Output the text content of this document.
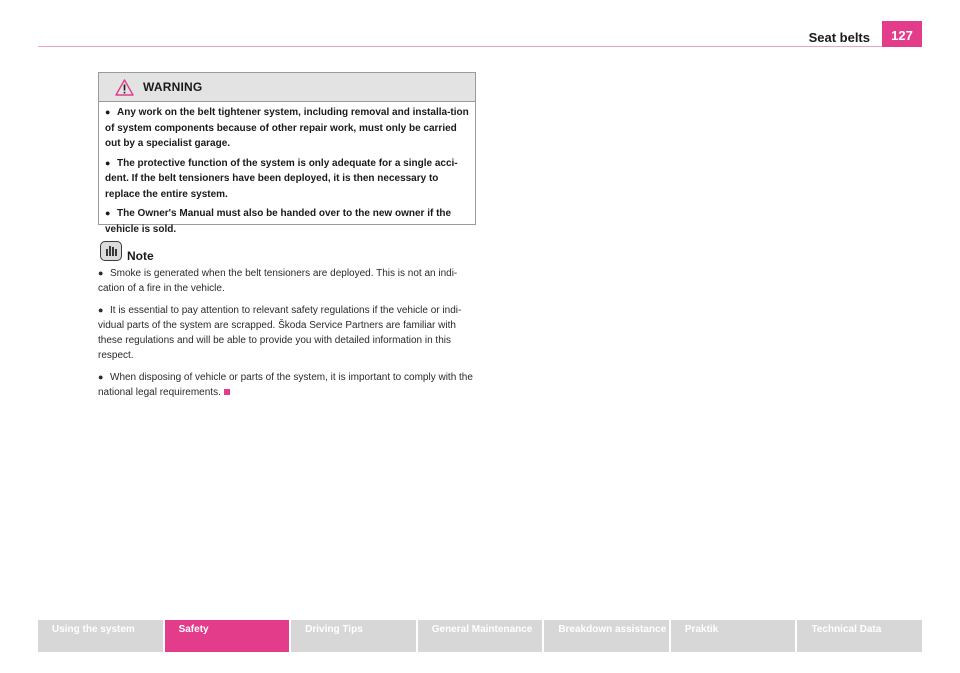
Seat belts	127
WARNING

● Any work on the belt tightener system, including removal and installa-tion of system components because of other repair work, must only be carried out by a specialist garage.

● The protective function of the system is only adequate for a single acci-dent. If the belt tensioners have been deployed, it is then necessary to replace the entire system.

● The Owner's Manual must also be handed over to the new owner if the vehicle is sold.

Note

● Smoke is generated when the belt tensioners are deployed. This is not an indi-cation of a fire in the vehicle.

● It is essential to pay attention to relevant safety regulations if the vehicle or indi-vidual parts of the system are scrapped. Škoda Service Partners are familiar with these regulations and will be able to provide you with detailed information in this respect.

● When disposing of vehicle or parts of the system, it is important to comply with the national legal requirements.

Using the system	Safety	Driving Tips	General Maintenance	Breakdown assistance	Praktik	Technical Data
